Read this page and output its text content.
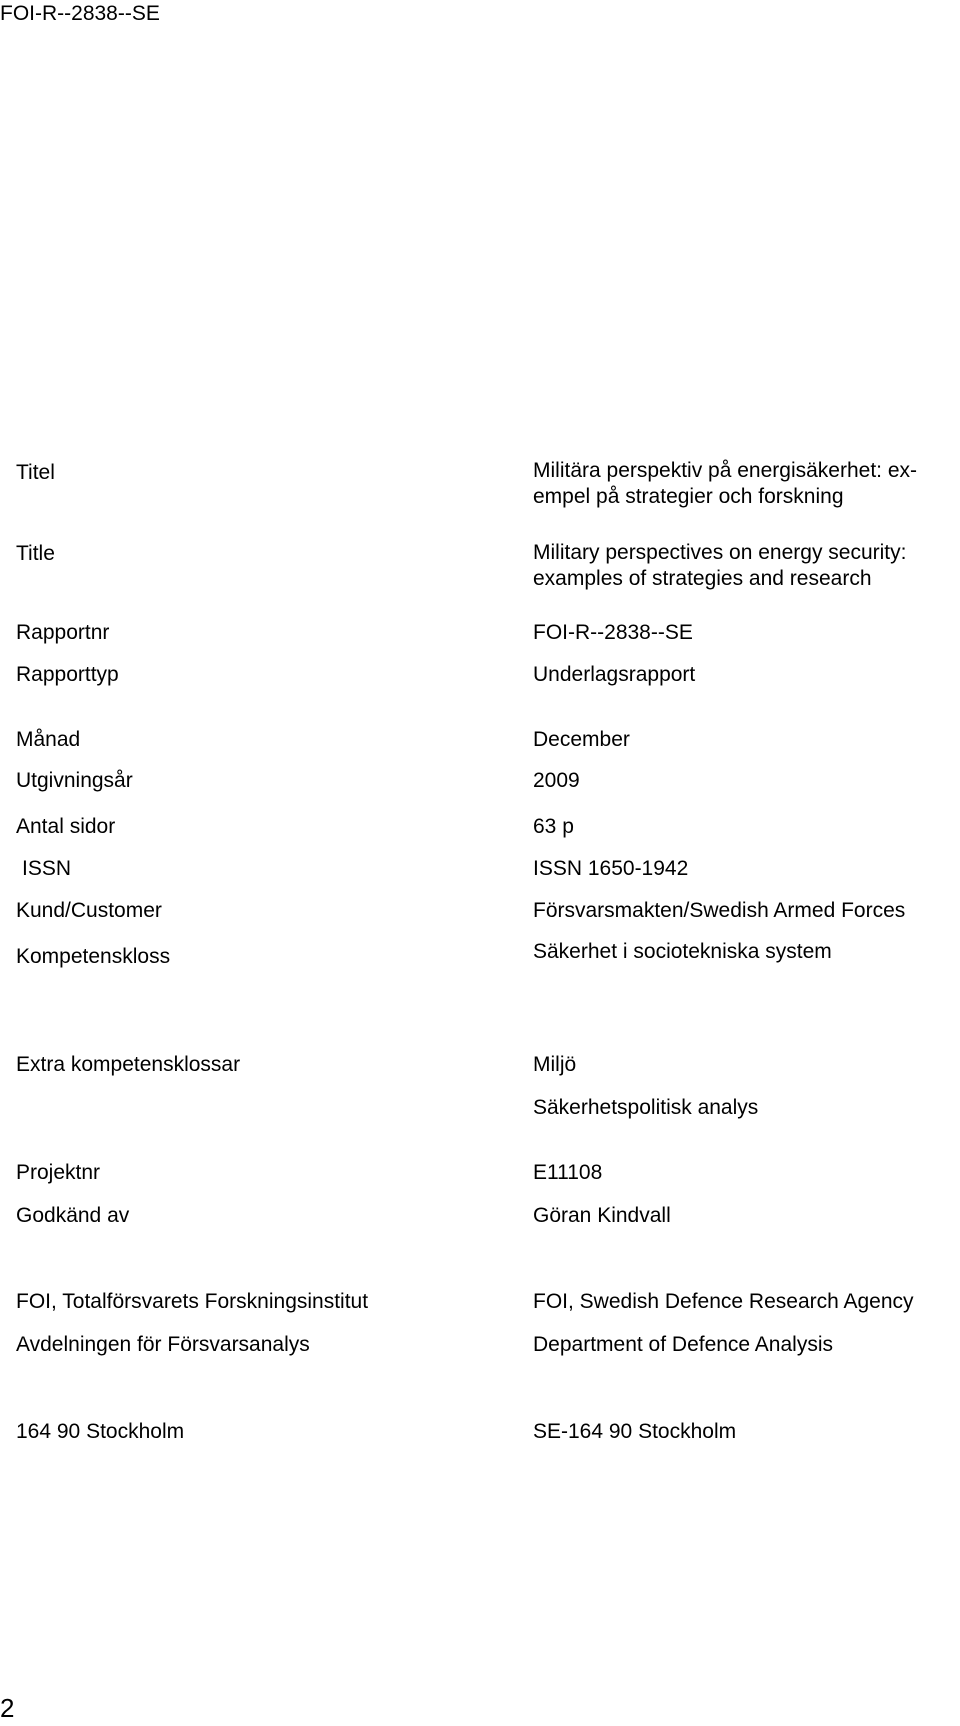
FOI-R--2838--SE
Titel	Militära perspektiv på energisäkerhet: ex-
empel på strategier och forskning
Title	Military perspectives on energy security:
examples of strategies and research
Rapportnr	FOI-R--2838--SE
Rapporttyp	Underlagsrapport
Månad	December
Utgivningsår	2009
Antal sidor	63 p
ISSN	ISSN 1650-1942
Kund/Customer	Försvarsmakten/Swedish Armed Forces
Kompetenskloss	Säkerhet i sociotekniska system
Extra kompetensklossar	Miljö
Säkerhetspolitisk analys
Projektnr	E11108
Godkänd av	Göran Kindvall
FOI, Totalförsvarets Forskningsinstitut	FOI, Swedish Defence Research Agency
Avdelningen för Försvarsanalys	Department of Defence Analysis
164 90 Stockholm	SE-164 90 Stockholm
2
